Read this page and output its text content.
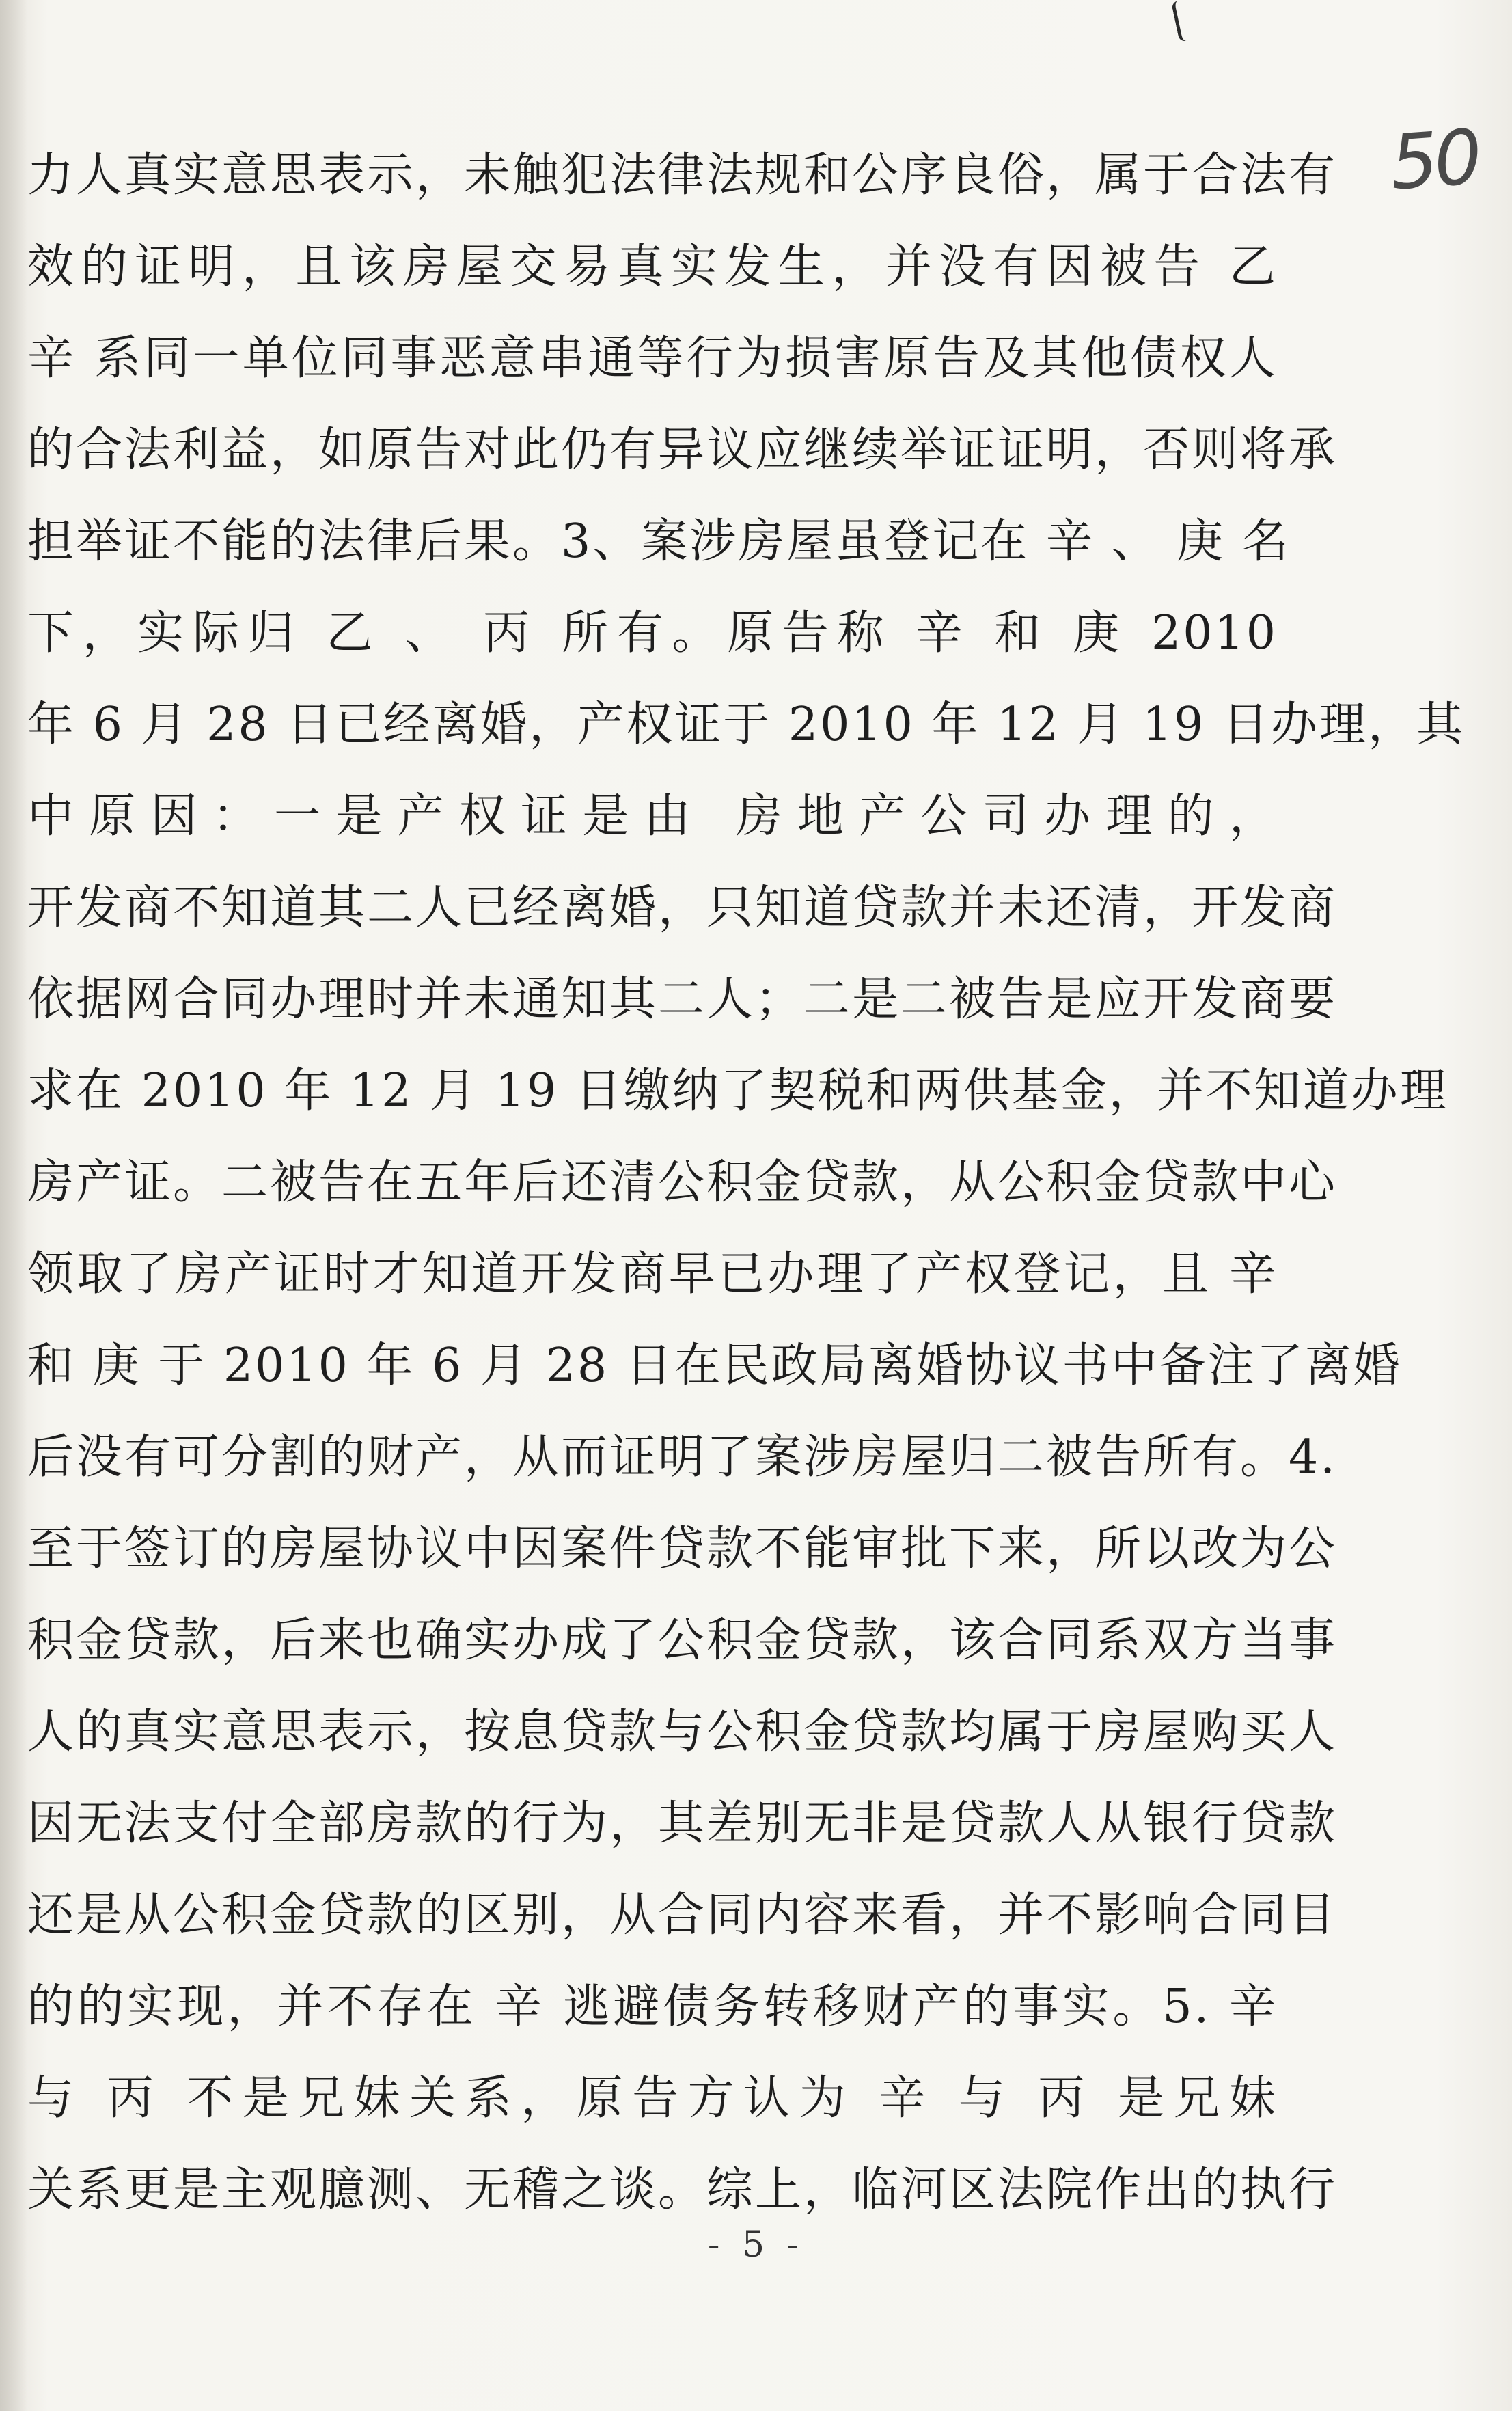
50
力人真实意思表示，未触犯法律法规和公序良俗，属于合法有
效的证明，且该房屋交易真实发生，并没有因被告 乙
辛 系同一单位同事恶意串通等行为损害原告及其他债权人
的合法利益，如原告对此仍有异议应继续举证证明，否则将承
担举证不能的法律后果。3、案涉房屋虽登记在 辛 、 庚 名
下，实际归 乙 、 丙 所有。原告称 辛 和 庚 2010
年 6 月 28 日已经离婚，产权证于 2010 年 12 月 19 日办理，其
中原因：一是产权证是由 房地产公司办理的，
开发商不知道其二人已经离婚，只知道贷款并未还清，开发商
依据网合同办理时并未通知其二人；二是二被告是应开发商要
求在 2010 年 12 月 19 日缴纳了契税和两供基金，并不知道办理
房产证。二被告在五年后还清公积金贷款，从公积金贷款中心
领取了房产证时才知道开发商早已办理了产权登记，且 辛
和 庚 于 2010 年 6 月 28 日在民政局离婚协议书中备注了离婚
后没有可分割的财产，从而证明了案涉房屋归二被告所有。4.
至于签订的房屋协议中因案件贷款不能审批下来，所以改为公
积金贷款，后来也确实办成了公积金贷款，该合同系双方当事
人的真实意思表示，按息贷款与公积金贷款均属于房屋购买人
因无法支付全部房款的行为，其差别无非是贷款人从银行贷款
还是从公积金贷款的区别，从合同内容来看，并不影响合同目
的的实现，并不存在 辛 逃避债务转移财产的事实。5. 辛
与 丙 不是兄妹关系，原告方认为 辛 与 丙 是兄妹
关系更是主观臆测、无稽之谈。综上，临河区法院作出的执行
- 5 -
